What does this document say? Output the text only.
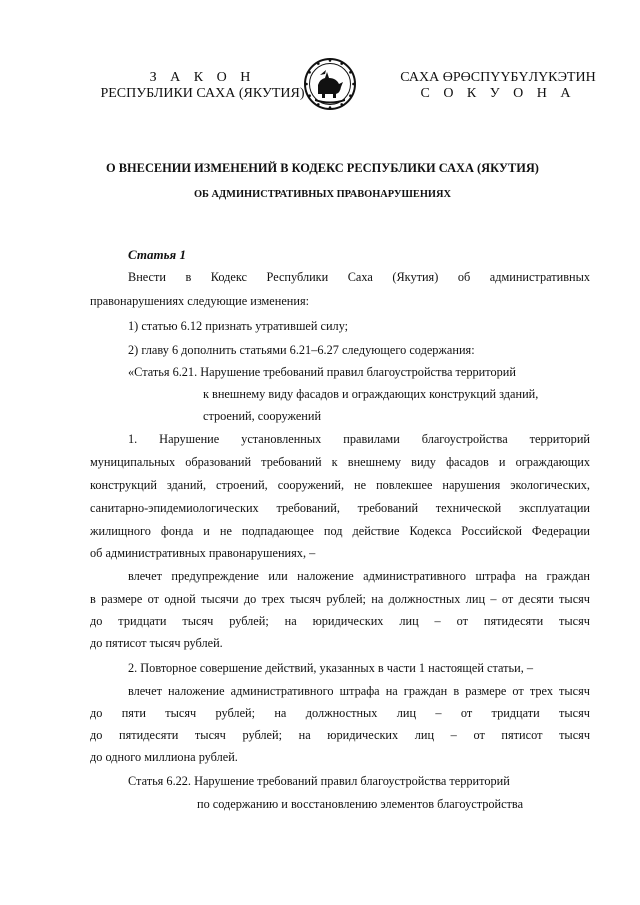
З А К О Н
РЕСПУБЛИКИ САХА (ЯКУТИЯ)
САХА ӨРӨСПҮҮБҮЛҮКЭТИН
С О К У О Н А
О ВНЕСЕНИИ ИЗМЕНЕНИЙ В КОДЕКС РЕСПУБЛИКИ САХА (ЯКУТИЯ)
ОБ АДМИНИСТРАТИВНЫХ ПРАВОНАРУШЕНИЯХ
Статья 1
Внести в Кодекс Республики Саха (Якутия) об административных
правонарушениях следующие изменения:
1) статью 6.12 признать утратившей силу;
2) главу 6 дополнить статьями 6.21–6.27 следующего содержания:
«Статья 6.21. Нарушение требований правил благоустройства территорий
к внешнему виду фасадов и ограждающих конструкций зданий,
строений, сооружений
1. Нарушение установленных правилами благоустройства территорий
муниципальных образований требований к внешнему виду фасадов и ограждающих
конструкций зданий, строений, сооружений, не повлекшее нарушения экологических,
санитарно-эпидемиологических требований, требований технической эксплуатации
жилищного фонда и не подпадающее под действие Кодекса Российской Федерации
об административных правонарушениях, –
влечет предупреждение или наложение административного штрафа на граждан
в размере от одной тысячи до трех тысяч рублей; на должностных лиц – от десяти тысяч
до тридцати тысяч рублей; на юридических лиц – от пятидесяти тысяч
до пятисот тысяч рублей.
2. Повторное совершение действий, указанных в части 1 настоящей статьи, –
влечет наложение административного штрафа на граждан в размере от трех тысяч
до пяти тысяч рублей; на должностных лиц – от тридцати тысяч
до пятидесяти тысяч рублей; на юридических лиц – от пятисот тысяч
до одного миллиона рублей.
Статья 6.22. Нарушение требований правил благоустройства территорий
по содержанию и восстановлению элементов благоустройства
